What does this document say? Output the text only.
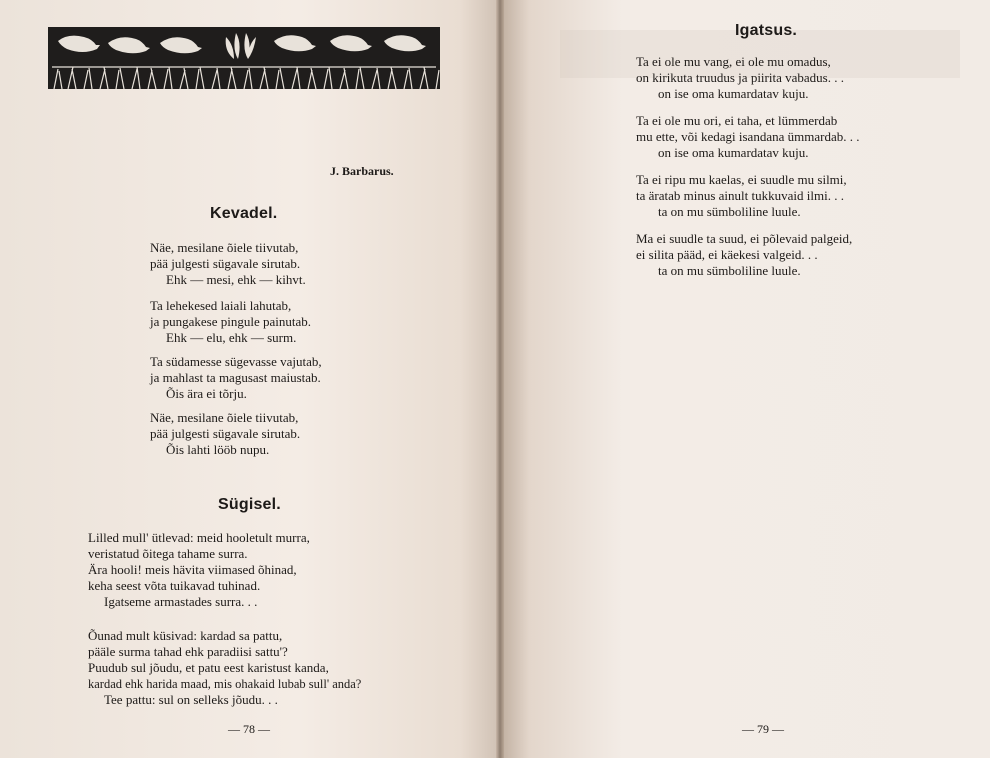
J. Barbarus.
Kevadel.
Näe, mesilane õiele tiivutab,
pää julgesti sügavale sirutab.
Ehk — mesi, ehk — kihvt.
Ta lehekesed laiali lahutab,
ja pungakese pingule painutab.
Ehk — elu, ehk — surm.
Ta südamesse sügevasse vajutab,
ja mahlast ta magusast maiustab.
Õis ära ei tõrju.
Näe, mesilane õiele tiivutab,
pää julgesti sügavale sirutab.
Õis lahti lööb nupu.
Sügisel.
Lilled mull' ütlevad: meid hooletult murra,
veristatud õitega tahame surra.
Ära hooli! meis hävita viimased õhinad,
keha seest võta tuikavad tuhinad.
Igatseme armastades surra. . .
Õunad mult küsivad: kardad sa pattu,
pääle surma tahad ehk paradiisi sattu'?
Puudub sul jõudu, et patu eest karistust kanda,
kardad ehk harida maad, mis ohakaid lubab sull' anda?
Tee pattu: sul on selleks jõudu. . .
— 78 —
Igatsus.
Ta ei ole mu vang, ei ole mu omadus,
on kirikuta truudus ja piirita vabadus. . .
on ise oma kumardatav kuju.
Ta ei ole mu ori, ei taha, et lümmerdab
mu ette, või kedagi isandana ümmardab. . .
on ise oma kumardatav kuju.
Ta ei ripu mu kaelas, ei suudle mu silmi,
ta äratab minus ainult tukkuvaid ilmi. . .
ta on mu sümboliline luule.
Ma ei suudle ta suud, ei põlevaid palgeid,
ei silita pääd, ei käekesi valgeid. . .
ta on mu sümboliline luule.
— 79 —
